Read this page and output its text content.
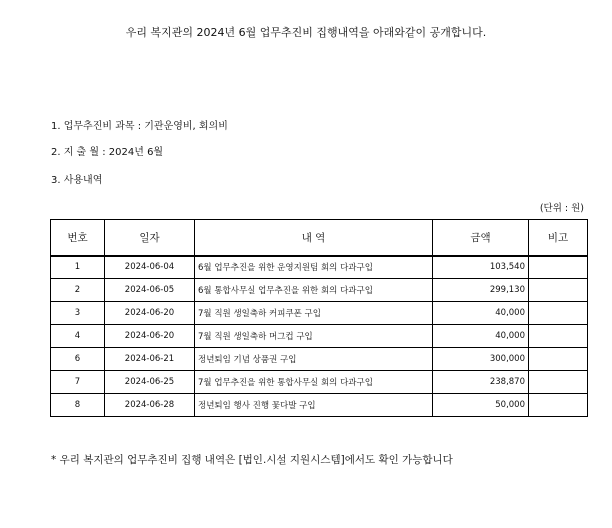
우리 복지관의 2024년 6월 업무추진비 집행내역을 아래와같이 공개합니다.
1. 업무추진비 과목 : 기관운영비, 회의비
2. 지 출 월 : 2024년 6월
3. 사용내역
(단위 : 원)
번호	일자	내 역	금액	비고
1	2024-06-04	6월 업무추진을 위한 운영지원팀 회의 다과구입	103,540	
2	2024-06-05	6월 통합사무실 업무추진을 위한 회의 다과구입	299,130	
3	2024-06-20	7월 직원 생일축하 커피쿠폰 구입	40,000	
4	2024-06-20	7월 직원 생일축하 머그컵 구입	40,000	
6	2024-06-21	정년퇴임 기념 상품권 구입	300,000	
7	2024-06-25	7월 업무추진을 위한 통합사무실 회의 다과구입	238,870	
8	2024-06-28	정년퇴임 행사 진행 꽃다발 구입	50,000	
* 우리 복지관의 업무추진비 집행 내역은 [법인.시설 지원시스템]에서도 확인 가능합니다
